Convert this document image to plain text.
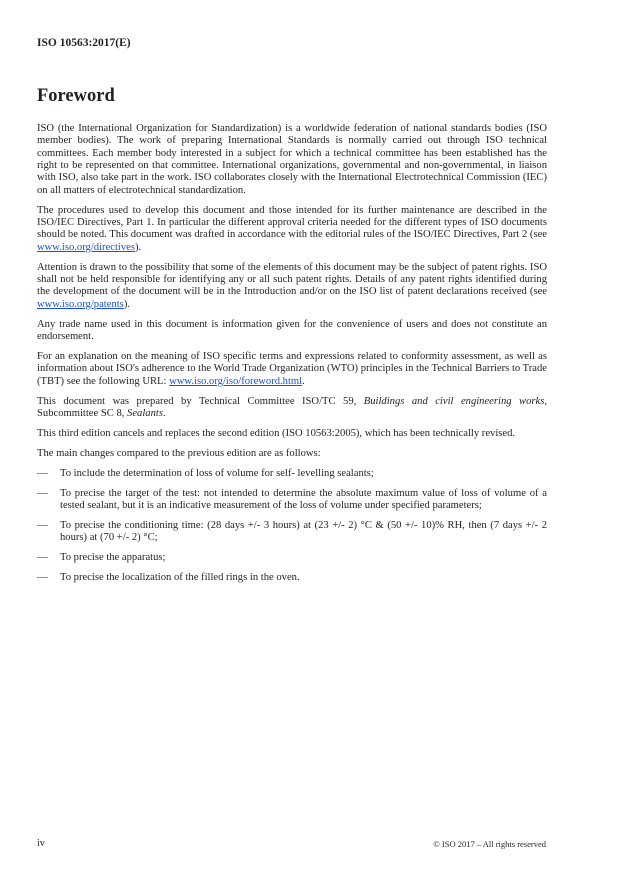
ISO 10563:2017(E)
Foreword

ISO (the International Organization for Standardization) is a worldwide federation of national standards bodies (ISO member bodies). The work of preparing International Standards is normally carried out through ISO technical committees. Each member body interested in a subject for which a technical committee has been established has the right to be represented on that committee. International organizations, governmental and non-governmental, in liaison with ISO, also take part in the work. ISO collaborates closely with the International Electrotechnical Commission (IEC) on all matters of electrotechnical standardization.

The procedures used to develop this document and those intended for its further maintenance are described in the ISO/IEC Directives, Part 1. In particular the different approval criteria needed for the different types of ISO documents should be noted. This document was drafted in accordance with the editorial rules of the ISO/IEC Directives, Part 2 (see www.iso.org/directives).

Attention is drawn to the possibility that some of the elements of this document may be the subject of patent rights. ISO shall not be held responsible for identifying any or all such patent rights. Details of any patent rights identified during the development of the document will be in the Introduction and/or on the ISO list of patent declarations received (see www.iso.org/patents).

Any trade name used in this document is information given for the convenience of users and does not constitute an endorsement.

For an explanation on the meaning of ISO specific terms and expressions related to conformity assessment, as well as information about ISO's adherence to the World Trade Organization (WTO) principles in the Technical Barriers to Trade (TBT) see the following URL: www.iso.org/iso/foreword.html.

This document was prepared by Technical Committee ISO/TC 59, Buildings and civil engineering works, Subcommittee SC 8, Sealants.

This third edition cancels and replaces the second edition (ISO 10563:2005), which has been technically revised.

The main changes compared to the previous edition are as follows:

—	To include the determination of loss of volume for self- levelling sealants;
—	To precise the target of the test: not intended to determine the absolute maximum value of loss of volume of a tested sealant, but it is an indicative measurement of the loss of volume under specified parameters;
—	To precise the conditioning time: (28 days +/- 3 hours) at (23 +/- 2) °C & (50 +/- 10)% RH, then (7 days +/- 2 hours) at (70 +/- 2) °C;
—	To precise the apparatus;
—	To precise the localization of the filled rings in the oven.
iv	© ISO 2017 – All rights reserved
